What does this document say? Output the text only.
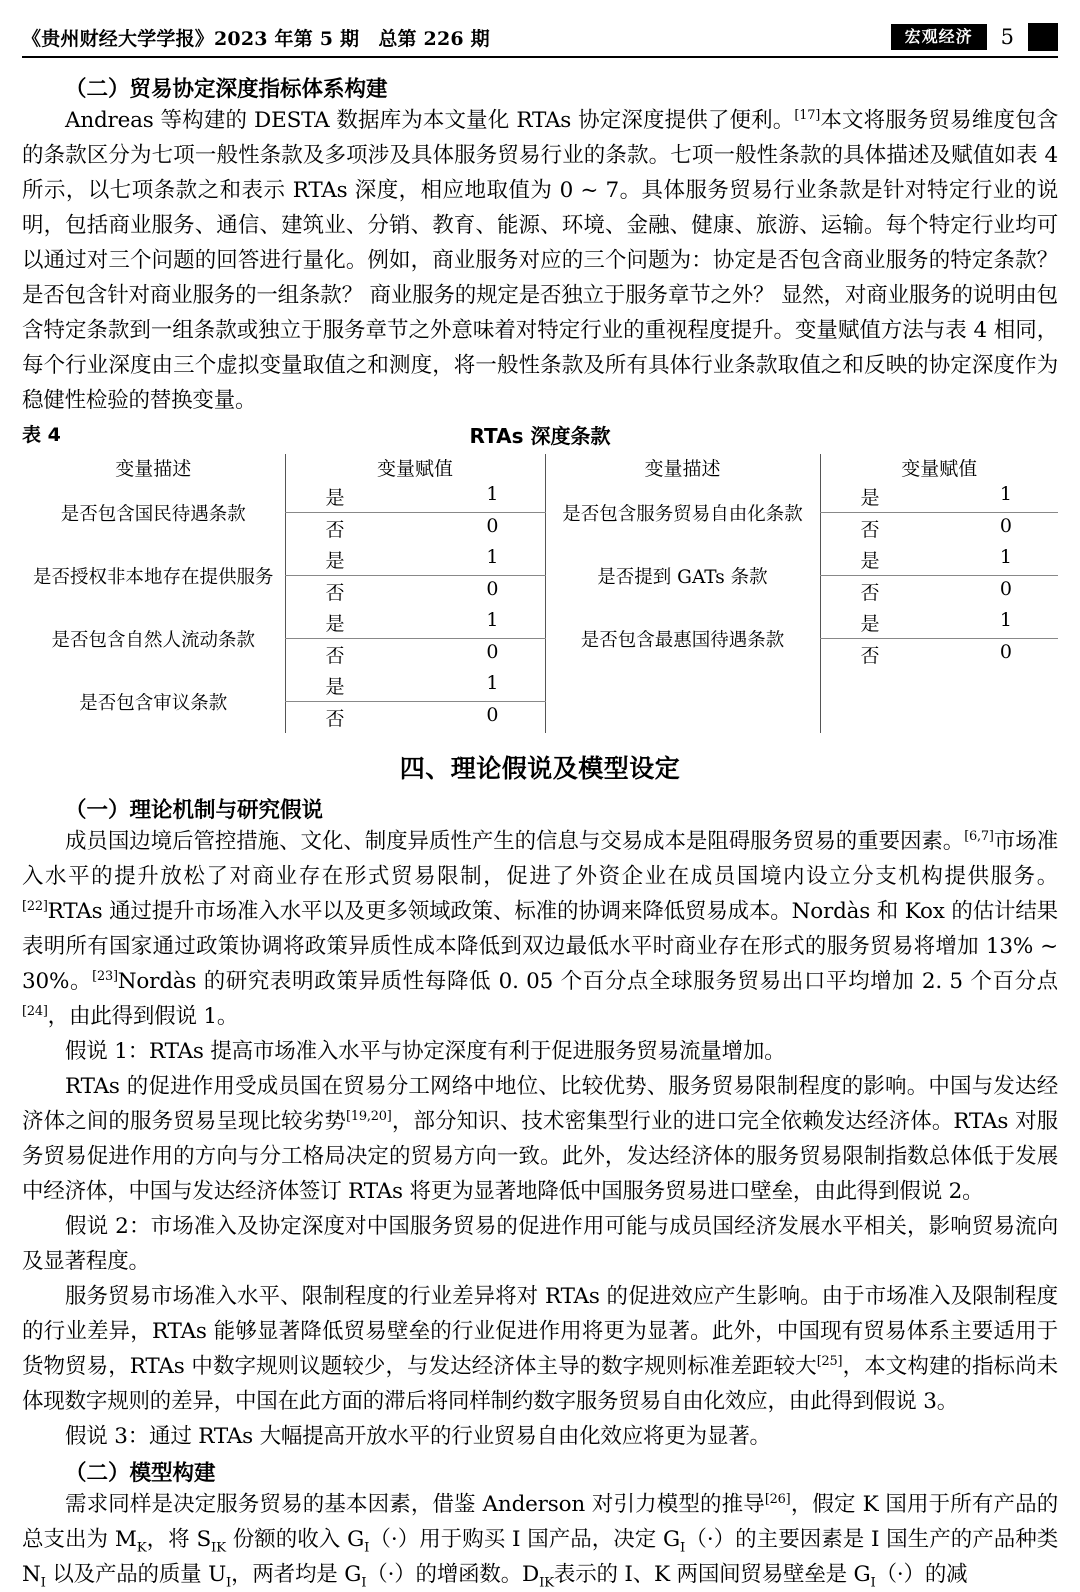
《贵州财经大学学报》2023 年第 5 期　总第 226 期	宏观经济	5
（二）贸易协定深度指标体系构建

Andreas 等构建的 DESTA 数据库为本文量化 RTAs 协定深度提供了便利。[17]本文将服务贸易维度包含的条款区分为七项一般性条款及多项涉及具体服务贸易行业的条款。七项一般性条款的具体描述及赋值如表 4 所示，以七项条款之和表示 RTAs 深度，相应地取值为 0 ~ 7。具体服务贸易行业条款是针对特定行业的说明，包括商业服务、通信、建筑业、分销、教育、能源、环境、金融、健康、旅游、运输。每个特定行业均可以通过对三个问题的回答进行量化。例如，商业服务对应的三个问题为：协定是否包含商业服务的特定条款？ 是否包含针对商业服务的一组条款？ 商业服务的规定是否独立于服务章节之外？ 显然，对商业服务的说明由包含特定条款到一组条款或独立于服务章节之外意味着对特定行业的重视程度提升。变量赋值方法与表 4 相同，每个行业深度由三个虚拟变量取值之和测度，将一般性条款及所有具体行业条款取值之和反映的协定深度作为稳健性检验的替换变量。

表 4	RTAs 深度条款
变量描述	变量赋值	变量描述	变量赋值
是否包含国民待遇条款	是 1	是否包含服务贸易自由化条款	是 1

	否 0		否 0

是否授权非本地存在提供服务	是 1	是否提到 GATs 条款	是 1

	否 0		否 0

是否包含自然人流动条款	是 1	是否包含最惠国待遇条款	是 1

	否 0		否 0

是否包含审议条款	是 1		

	否 0		
四、理论假说及模型设定
（一）理论机制与研究假说

成员国边境后管控措施、文化、制度异质性产生的信息与交易成本是阻碍服务贸易的重要因素。[6,7]市场准入水平的提升放松了对商业存在形式贸易限制，促进了外资企业在成员国境内设立分支机构提供服务。[22]RTAs 通过提升市场准入水平以及更多领域政策、标准的协调来降低贸易成本。Nordàs 和 Kox 的估计结果表明所有国家通过政策协调将政策异质性成本降低到双边最低水平时商业存在形式的服务贸易将增加 13% ~ 30%。[23]Nordàs 的研究表明政策异质性每降低 0. 05 个百分点全球服务贸易出口平均增加 2. 5 个百分点[24]，由此得到假说 1。

假说 1：RTAs 提高市场准入水平与协定深度有利于促进服务贸易流量增加。

RTAs 的促进作用受成员国在贸易分工网络中地位、比较优势、服务贸易限制程度的影响。中国与发达经济体之间的服务贸易呈现比较劣势[19,20]，部分知识、技术密集型行业的进口完全依赖发达经济体。RTAs 对服务贸易促进作用的方向与分工格局决定的贸易方向一致。此外，发达经济体的服务贸易限制指数总体低于发展中经济体，中国与发达经济体签订 RTAs 将更为显著地降低中国服务贸易进口壁垒，由此得到假说 2。

假说 2：市场准入及协定深度对中国服务贸易的促进作用可能与成员国经济发展水平相关，影响贸易流向及显著程度。

服务贸易市场准入水平、限制程度的行业差异将对 RTAs 的促进效应产生影响。由于市场准入及限制程度的行业差异，RTAs 能够显著降低贸易壁垒的行业促进作用将更为显著。此外，中国现有贸易体系主要适用于货物贸易，RTAs 中数字规则议题较少，与发达经济体主导的数字规则标准差距较大[25]，本文构建的指标尚未体现数字规则的差异，中国在此方面的滞后将同样制约数字服务贸易自由化效应，由此得到假说 3。

假说 3：通过 RTAs 大幅提高开放水平的行业贸易自由化效应将更为显著。

（二）模型构建

需求同样是决定服务贸易的基本因素，借鉴 Anderson 对引力模型的推导[26]，假定 K 国用于所有产品的总支出为 $M_K$，将 $S_{IK}$ 份额的收入 $G_I(\cdot)$用于购买 I 国产品，决定 $G_I(\cdot)$的主要因素是 I 国生产的产品种类 $N_I$ 以及产品的质量 $U_I$，两者均是 $G_I(\cdot)$的增函数。$D_{IK}$表示的 I、K 两国间贸易壁垒是 $G_I(\cdot)$的减
